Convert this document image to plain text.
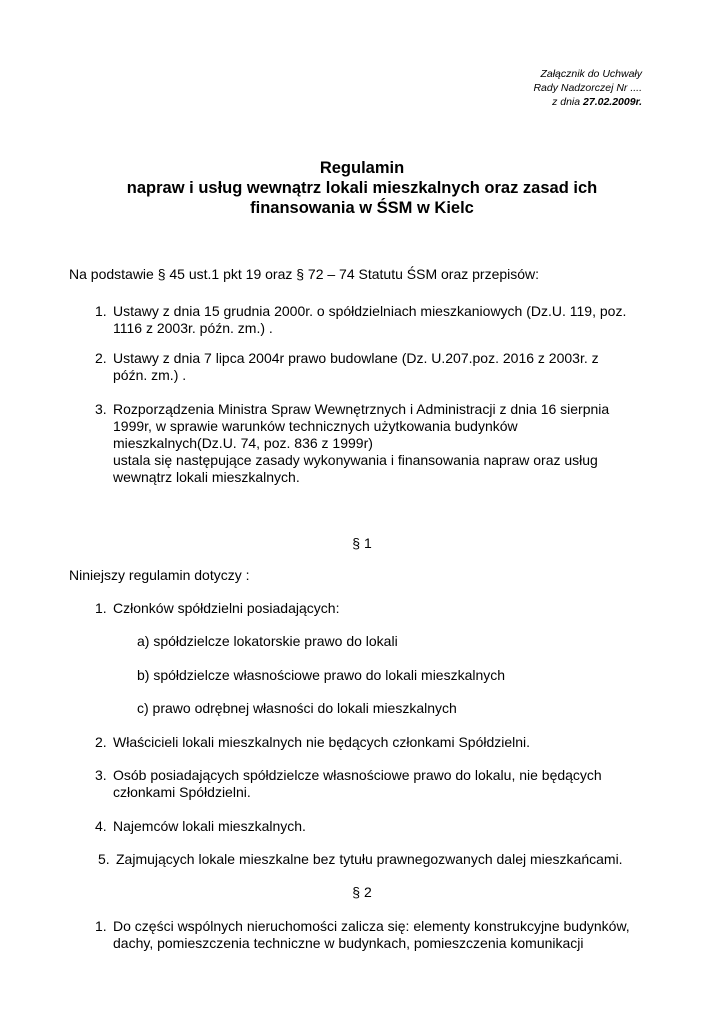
Załącznik do Uchwały
Rady Nadzorczej Nr ....
z dnia 27.02.2009r.
Regulamin
napraw i usług wewnątrz lokali mieszkalnych oraz zasad ich
finansowania w ŚSM w Kielc
Na podstawie § 45 ust.1 pkt 19 oraz § 72 – 74 Statutu ŚSM oraz przepisów:
1. Ustawy z dnia 15 grudnia 2000r. o spółdzielniach mieszkaniowych (Dz.U. 119, poz.
1116 z 2003r. późn. zm.) .
2. Ustawy z dnia 7 lipca 2004r prawo budowlane (Dz. U.207.poz. 2016 z 2003r. z
późn. zm.) .
3. Rozporządzenia Ministra Spraw Wewnętrznych i Administracji z dnia 16 sierpnia
1999r, w sprawie warunków technicznych użytkowania budynków
mieszkalnych(Dz.U. 74, poz. 836 z 1999r)
ustala się następujące zasady wykonywania i finansowania napraw oraz usług
wewnątrz lokali mieszkalnych.
§ 1
Niniejszy regulamin dotyczy :
1. Członków spółdzielni posiadających:
a) spółdzielcze lokatorskie prawo do lokali
b) spółdzielcze własnościowe prawo do lokali mieszkalnych
c) prawo odrębnej własności do lokali mieszkalnych
2. Właścicieli lokali mieszkalnych nie będących członkami Spółdzielni.
3. Osób posiadających spółdzielcze własnościowe prawo do lokalu, nie będących
członkami Spółdzielni.
4. Najemców lokali mieszkalnych.
5. Zajmujących lokale mieszkalne bez tytułu prawnegozwanych dalej mieszkańcami.
§ 2
1. Do części wspólnych nieruchomości zalicza się: elementy konstrukcyjne budynków,
dachy, pomieszczenia techniczne w budynkach, pomieszczenia komunikacji
